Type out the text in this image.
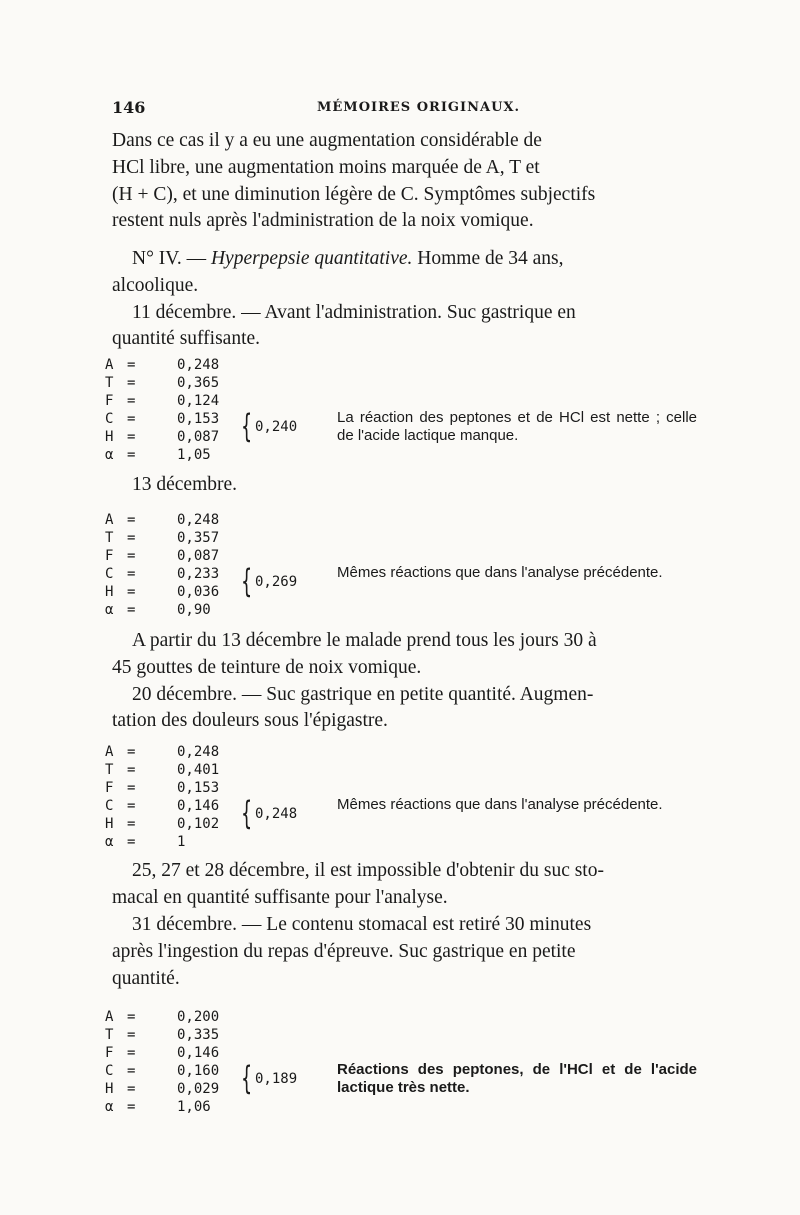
146	MÉMOIRES ORIGINAUX.
Dans ce cas il y a eu une augmentation considérable de
HCl libre, une augmentation moins marquée de A, T et
(H + C), et une diminution légère de C. Symptômes subjectifs
restent nuls après l'administration de la noix vomique.
N° IV. — Hyperpepsie quantitative. Homme de 34 ans,
alcoolique.
11 décembre. — Avant l'administration. Suc gastrique en
quantité suffisante.
A =	0,248
T =	0,365
F =	0,124
C =	0,153
H =	0,087
α =	1,05
{ 0,240
La réaction des peptones et de HCl est nette ; celle de l'acide lactique manque.
13 décembre.
A =	0,248
T =	0,357
F =	0,087
C =	0,233
H =	0,036
α =	0,90
{ 0,269
Mêmes réactions que dans l'analyse précédente.
A partir du 13 décembre le malade prend tous les jours 30 à
45 gouttes de teinture de noix vomique.
20 décembre. — Suc gastrique en petite quantité. Augmen-
tation des douleurs sous l'épigastre.
A =	0,248
T =	0,401
F =	0,153
C =	0,146
H =	0,102
α =	1
{ 0,248
Mêmes réactions que dans l'analyse précédente.
25, 27 et 28 décembre, il est impossible d'obtenir du suc sto-
macal en quantité suffisante pour l'analyse.
31 décembre. — Le contenu stomacal est retiré 30 minutes
après l'ingestion du repas d'épreuve. Suc gastrique en petite
quantité.
A =	0,200
T =	0,335
F =	0,146
C =	0,160
H =	0,029
α =	1,06
{ 0,189
Réactions des peptones, de l'HCl et de l'acide lactique très nette.
